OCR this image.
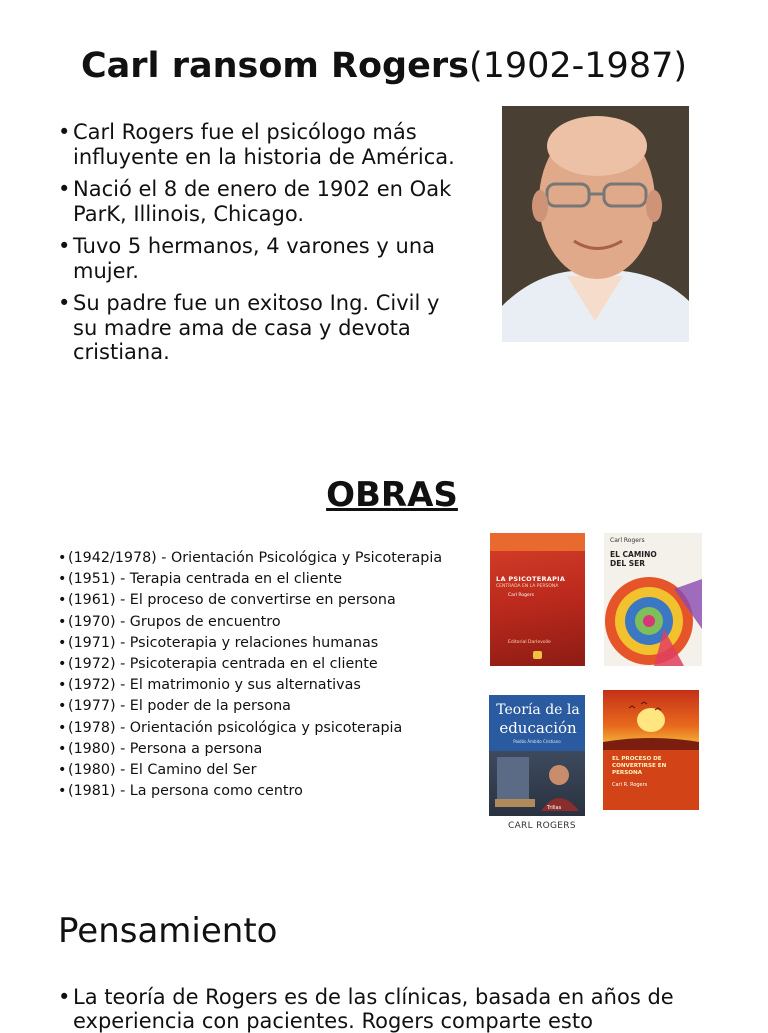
Carl ransom Rogers(1902-1987)
• Carl Rogers fue el psicólogo más influyente en la historia de América.
• Nació el 8 de enero de 1902 en Oak ParK, Illinois, Chicago.
• Tuvo 5 hermanos, 4 varones y una mujer.
• Su padre fue un exitoso Ing. Civil y su madre ama de casa y devota cristiana.
OBRAS
• (1942/1978) - Orientación Psicológica y Psicoterapia
• (1951) - Terapia centrada en el cliente
• (1961) - El proceso de convertirse en persona
• (1970) - Grupos de encuentro
• (1971) - Psicoterapia y relaciones humanas
• (1972) - Psicoterapia centrada en el cliente
• (1972) - El matrimonio y sus alternativas
• (1977) - El poder de la persona
• (1978) - Orientación psicológica y psicoterapia
• (1980) - Persona a persona
• (1980) - El Camino del Ser
• (1981) - La persona como centro
LA PSICOTERAPIA
CENTRADA EN LA PERSONA
Carl Rogers
Editorial Darlevolle
Carl Rogers
EL CAMINO
DEL SER
Teoría de la
educación
Paidós Ámbito Cristiano
Trillas
CARL ROGERS
EL PROCESO DE CONVERTIRSE EN PERSONA
Carl R. Rogers
Pensamiento
• La teoría de Rogers es de las clínicas, basada en años de experiencia con pacientes. Rogers comparte esto
